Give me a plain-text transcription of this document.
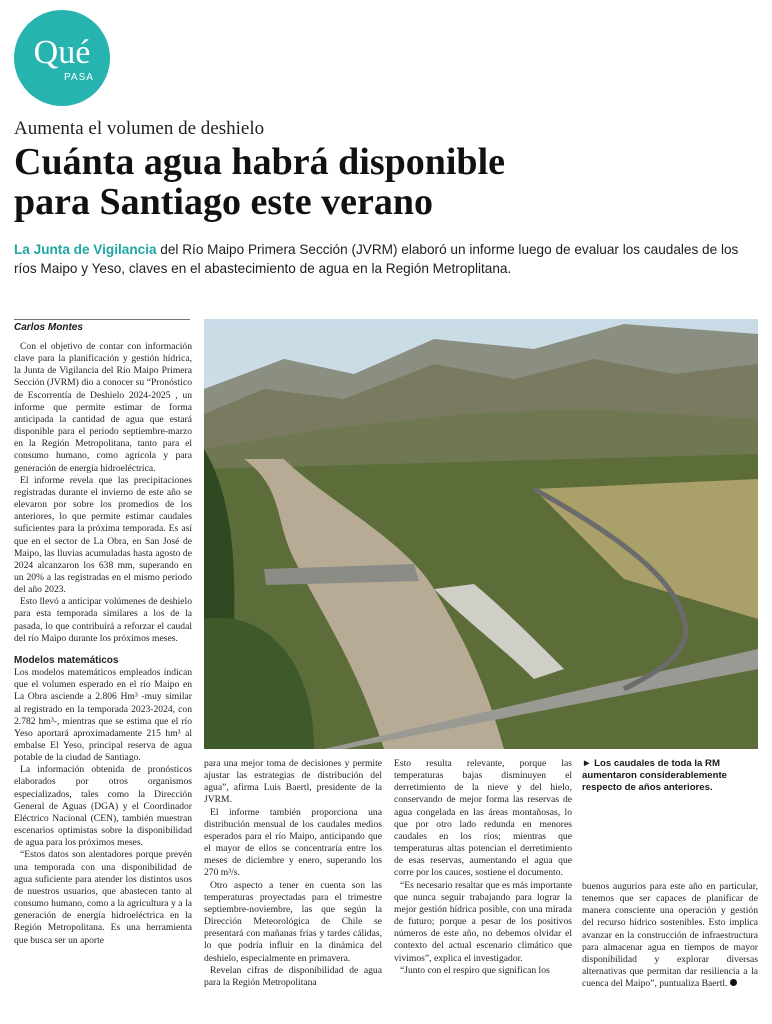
Qué
PASA
Aumenta el volumen de deshielo
Cuánta agua habrá disponible
para Santiago este verano
La Junta de Vigilancia del Río Maipo Primera Sección (JVRM) elaboró un informe luego de evaluar los caudales de los ríos Maipo y Yeso, claves en el abastecimiento de agua en la Región Metroplitana.
Carlos Montes

Con el objetivo de contar con información clave para la planificación y gestión hídrica, la Junta de Vigilancia del Río Maipo Primera Sección (JVRM) dio a conocer su “Pronóstico de Escorrentía de Deshielo 2024-2025 , un informe que permite estimar de forma anticipada la cantidad de agua que estará disponible para el periodo septiembre-marzo en la Región Metropolitana, tanto para el consumo humano, como agrícola y para generación de energía hidroeléctrica.

El informe revela que las precipitaciones registradas durante el invierno de este año se elevaron por sobre los promedios de los anteriores, lo que permite estimar caudales suficientes para la próxima temporada. Es así que en el sector de La Obra, en San José de Maipo, las lluvias acumuladas hasta agosto de 2024 alcanzaron los 638 mm, superando en un 20% a las registradas en el mismo periodo del año 2023.

Esto llevó a anticipar volúmenes de deshielo para esta temporada similares a los de la pasada, lo que contribuirá a reforzar el caudal del río Maipo durante los próximos meses.

Modelos matemáticos

Los modelos matemáticos empleados indican que el volumen esperado en el río Maipo en La Obra asciende a 2.806 Hm³ -muy similar al registrado en la temporada 2023-2024, con 2.782 hm³-, mientras que se estima que el río Yeso aportará aproximadamente 215 hm³ al embalse El Yeso, principal reserva de agua potable de la ciudad de Santiago.

La información obtenida de pronósticos elaborados por otros organismos especializados, tales como la Dirección General de Aguas (DGA) y el Coordinador Eléctrico Nacional (CEN), también muestran escenarios optimistas sobre la disponibilidad de agua para los próximos meses.

“Estos datos son alentadores porque prevén una temporada con una disponibilidad de agua suficiente para atender los distintos usos de nuestros usuarios, que abastecen tanto al consumo humano, como a la agricultura y a la generación de energía hidroeléctrica en la Región Metropolitana. Es una herramienta que busca ser un aporte

► Los caudales de toda la RM aumentaron considerablemente respecto de años anteriores.

para una mejor toma de decisiones y permite ajustar las estrategias de distribución del agua”, afirma Luis Baertl, presidente de la JVRM.

El informe también proporciona una distribución mensual de los caudales medios esperados para el río Maipo, anticipando que el mayor de ellos se concentraría entre los meses de diciembre y enero, superando los 270 m³/s.

Otro aspecto a tener en cuenta son las temperaturas proyectadas para el trimestre septiembre-noviembre, las que según la Dirección Meteorológica de Chile se presentará con mañanas frías y tardes cálidas, lo que podría influir en la dinámica del deshielo, especialmente en primavera.

Revelan cifras de disponibilidad de agua para la Región Metropolitana

Esto resulta relevante, porque las temperaturas bajas disminuyen el derretimiento de la nieve y del hielo, conservando de mejor forma las reservas de agua congelada en las áreas montañosas, lo que por otro lado redunda en menores caudales en los ríos; mientras que temperaturas altas potencian el derretimiento de esas reservas, aumentando el agua que corre por los cauces, sostiene el documento.

“Es necesario resaltar que es más importante que nunca seguir trabajando para lograr la mejor gestión hídrica posible, con una mirada de futuro; porque a pesar de los positivos números de este año, no debemos olvidar el contexto del actual escenario climático que vivimos”, explica el investigador.

“Junto con el respiro que significan los

buenos augurios para este año en particular, tenemos que ser capaces de planificar de manera consciente una operación y gestión del recurso hídrico sostenibles. Esto implica avanzar en la construcción de infraestructura para almacenar agua en tiempos de mayor disponibilidad y explorar diversas alternativas que permitan dar resiliencia a la cuenca del Maipo”, puntualiza Baertl.
